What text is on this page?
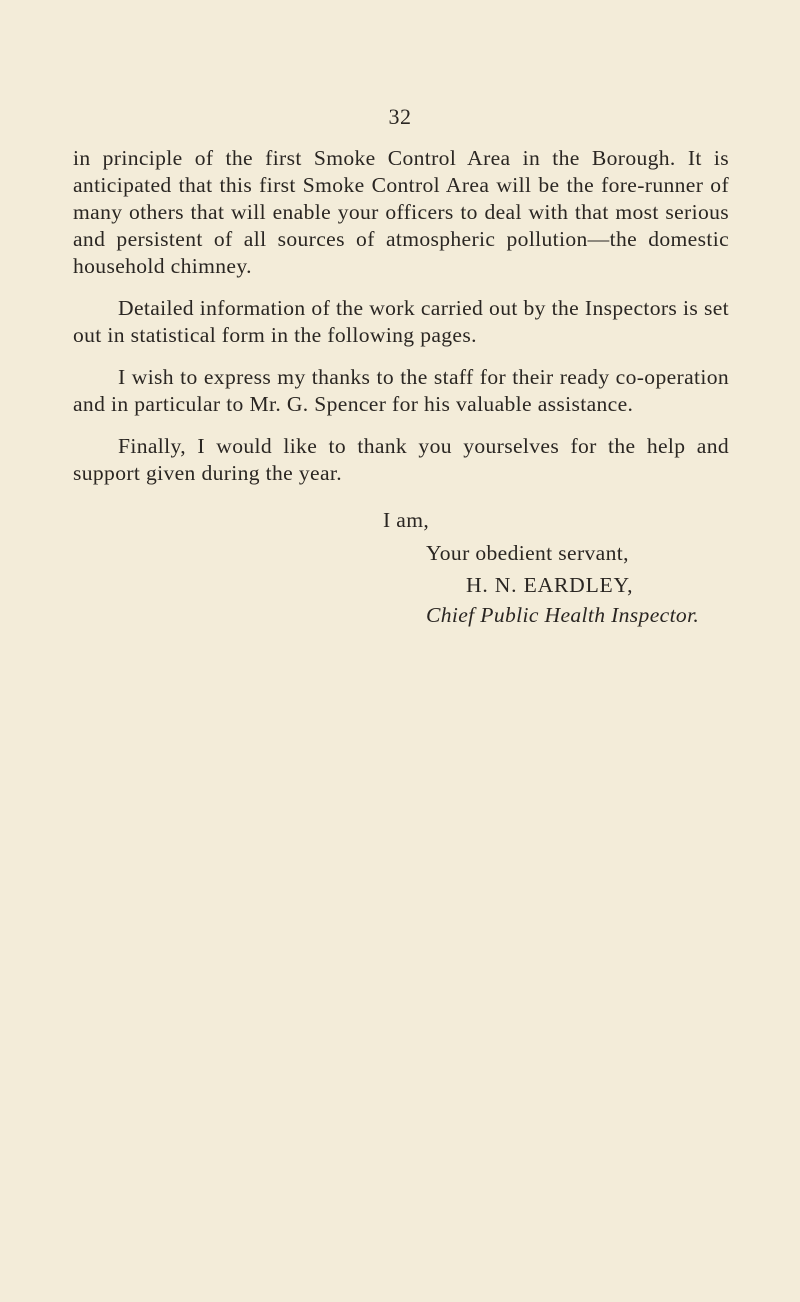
32

in principle of the first Smoke Control Area in the Borough. It is anticipated that this first Smoke Control Area will be the fore-runner of many others that will enable your officers to deal with that most serious and persistent of all sources of atmospheric pollution—the domestic household chimney.

Detailed information of the work carried out by the Inspectors is set out in statistical form in the following pages.

I wish to express my thanks to the staff for their ready co-operation and in particular to Mr. G. Spencer for his valuable assistance.

Finally, I would like to thank you yourselves for the help and support given during the year.

I am,
Your obedient servant,
H. N. EARDLEY,
Chief Public Health Inspector.
